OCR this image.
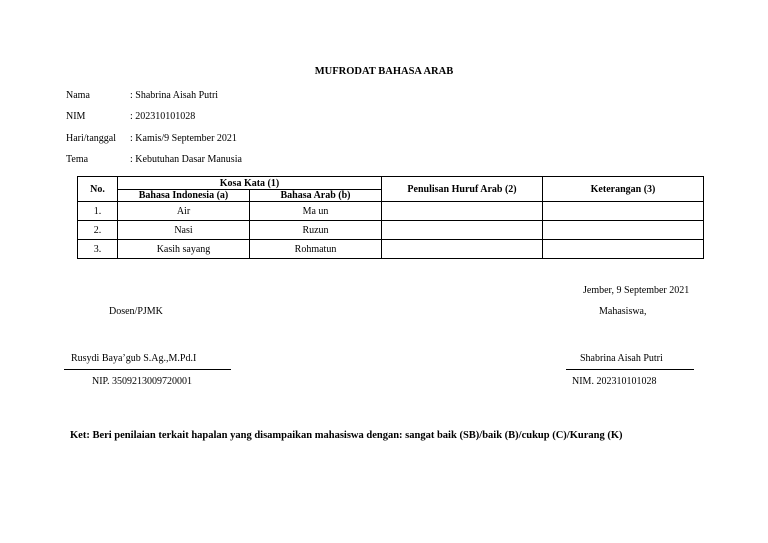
MUFRODAT BAHASA ARAB
Nama	: Shabrina Aisah Putri
NIM	: 202310101028
Hari/tanggal : Kamis/9 September 2021
Tema	: Kebutuhan Dasar Manusia
No.	Kosa Kata (1)		Penulisan Huruf Arab (2)	Keterangan (3)
	Bahasa Indonesia (a)	Bahasa Arab (b)		
1.	Air	Ma un		
2.	Nasi	Ruzun		
3.	Kasih sayang	Rohmatun		
Jember, 9 September 2021
Dosen/PJMK	Mahasiswa,
Rusydi Baya’gub S.Ag.,M.Pd.I
NIP. 3509213009720001
Shabrina Aisah Putri
NIM. 202310101028
Ket: Beri penilaian terkait hapalan yang disampaikan mahasiswa dengan: sangat baik (SB)/baik (B)/cukup (C)/Kurang (K)
